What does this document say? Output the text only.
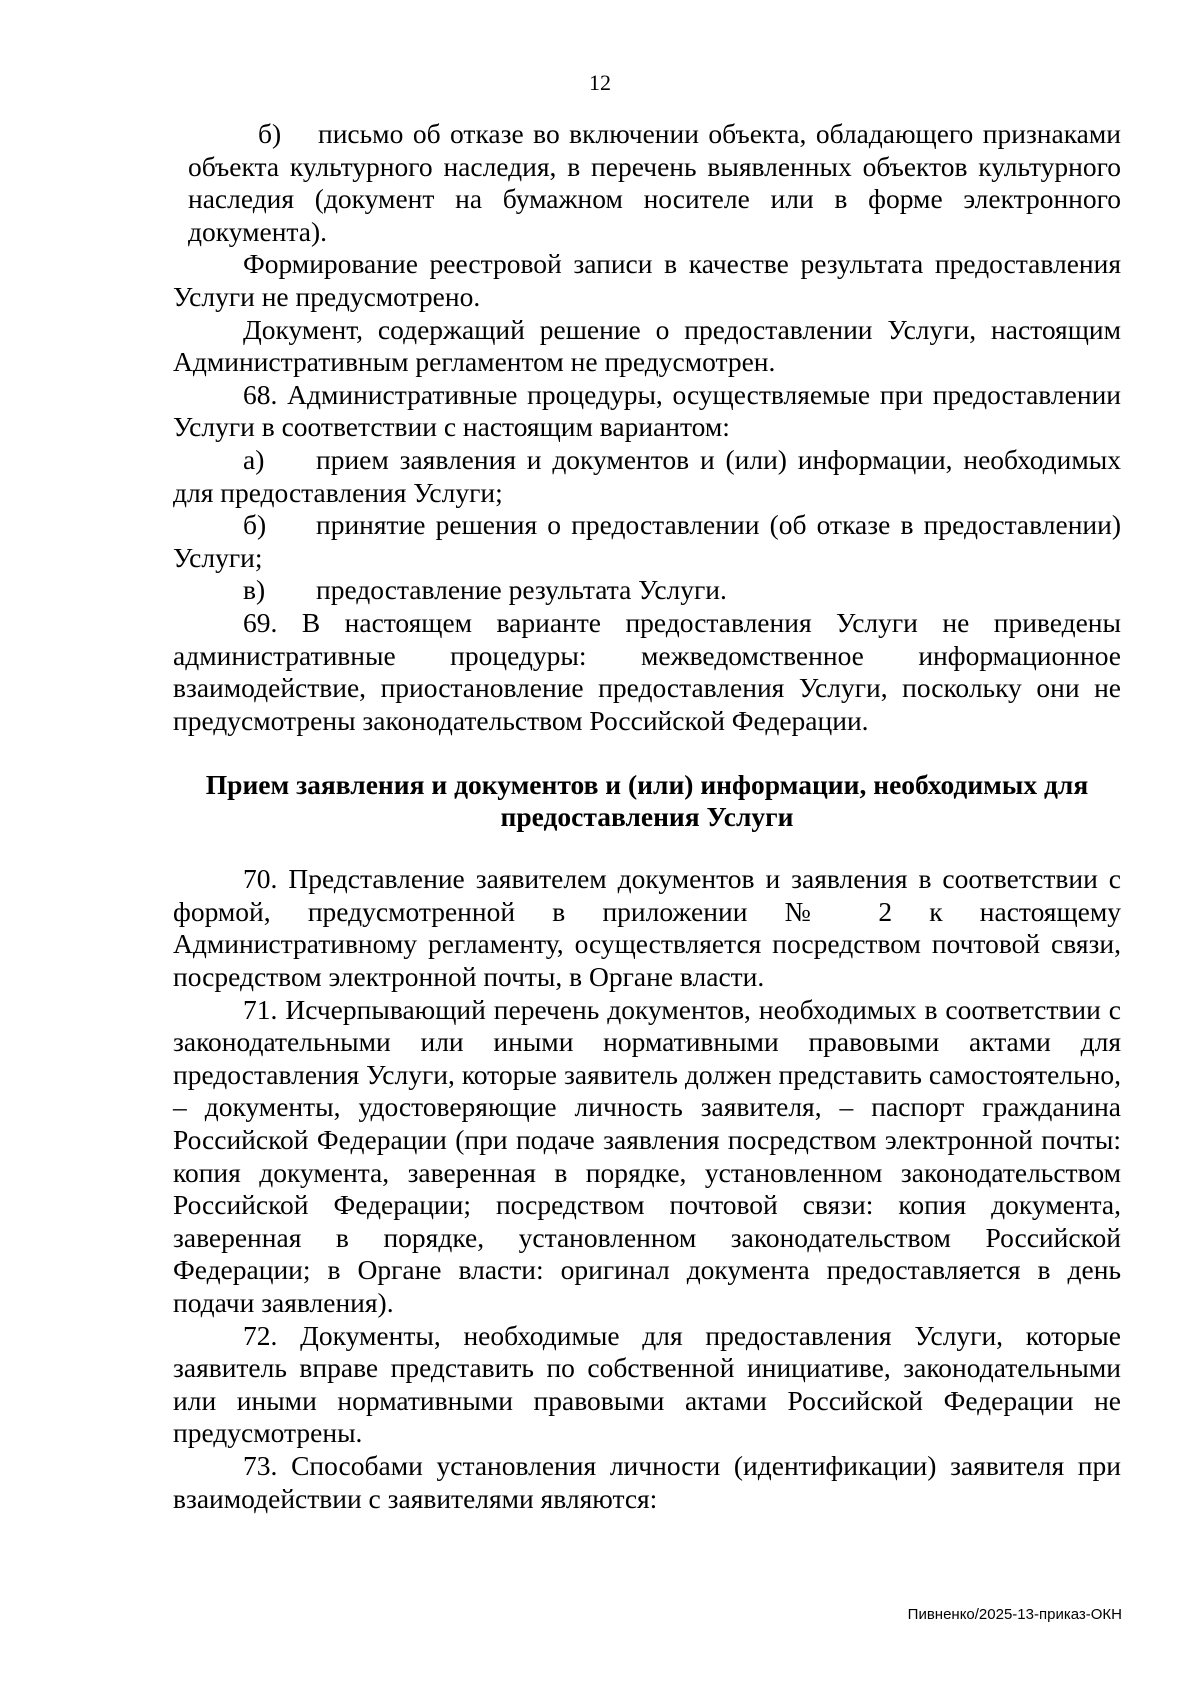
12

б) письмо об отказе во включении объекта, обладающего признаками объекта культурного наследия, в перечень выявленных объектов культурного наследия (документ на бумажном носителе или в форме электронного документа).

Формирование реестровой записи в качестве результата предоставления Услуги не предусмотрено.

Документ, содержащий решение о предоставлении Услуги, настоящим Административным регламентом не предусмотрен.

68. Административные процедуры, осуществляемые при предоставлении Услуги в соответствии с настоящим вариантом:

а) прием заявления и документов и (или) информации, необходимых для предоставления Услуги;

б) принятие решения о предоставлении (об отказе в предоставлении) Услуги;

в) предоставление результата Услуги.

69. В настоящем варианте предоставления Услуги не приведены административные процедуры: межведомственное информационное взаимодействие, приостановление предоставления Услуги, поскольку они не предусмотрены законодательством Российской Федерации.

Прием заявления и документов и (или) информации, необходимых для предоставления Услуги

70. Представление заявителем документов и заявления в соответствии с формой, предусмотренной в приложении № 2 к настоящему Административному регламенту, осуществляется посредством почтовой связи, посредством электронной почты, в Органе власти.

71. Исчерпывающий перечень документов, необходимых в соответствии с законодательными или иными нормативными правовыми актами для предоставления Услуги, которые заявитель должен представить самостоятельно, – документы, удостоверяющие личность заявителя, – паспорт гражданина Российской Федерации (при подаче заявления посредством электронной почты: копия документа, заверенная в порядке, установленном законодательством Российской Федерации; посредством почтовой связи: копия документа, заверенная в порядке, установленном законодательством Российской Федерации; в Органе власти: оригинал документа предоставляется в день подачи заявления).

72. Документы, необходимые для предоставления Услуги, которые заявитель вправе представить по собственной инициативе, законодательными или иными нормативными правовыми актами Российской Федерации не предусмотрены.

73. Способами установления личности (идентификации) заявителя при взаимодействии с заявителями являются:

Пивненко/2025-13-приказ-ОКН
